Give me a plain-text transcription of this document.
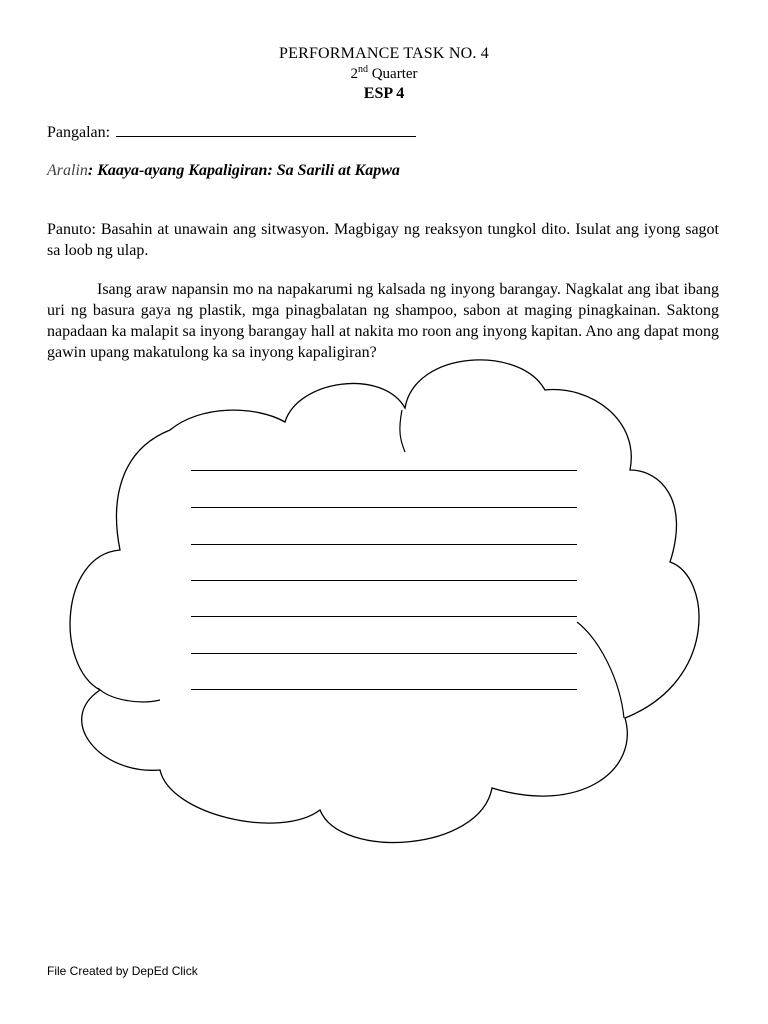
PERFORMANCE TASK NO. 4
2nd Quarter
ESP 4
Pangalan:
Aralin: Kaaya-ayang Kapaligiran: Sa Sarili at Kapwa
Panuto: Basahin at unawain ang sitwasyon. Magbigay ng reaksyon tungkol dito. Isulat ang iyong sagot sa loob ng ulap.
Isang araw napansin mo na napakarumi ng kalsada ng inyong barangay. Nagkalat ang ibat ibang uri ng basura gaya ng plastik, mga pinagbalatan ng shampoo, sabon at maging pinagkainan. Saktong napadaan ka malapit sa inyong barangay hall at nakita mo roon ang inyong kapitan. Ano ang dapat mong gawin upang makatulong ka sa inyong kapaligiran?
File Created by DepEd Click
